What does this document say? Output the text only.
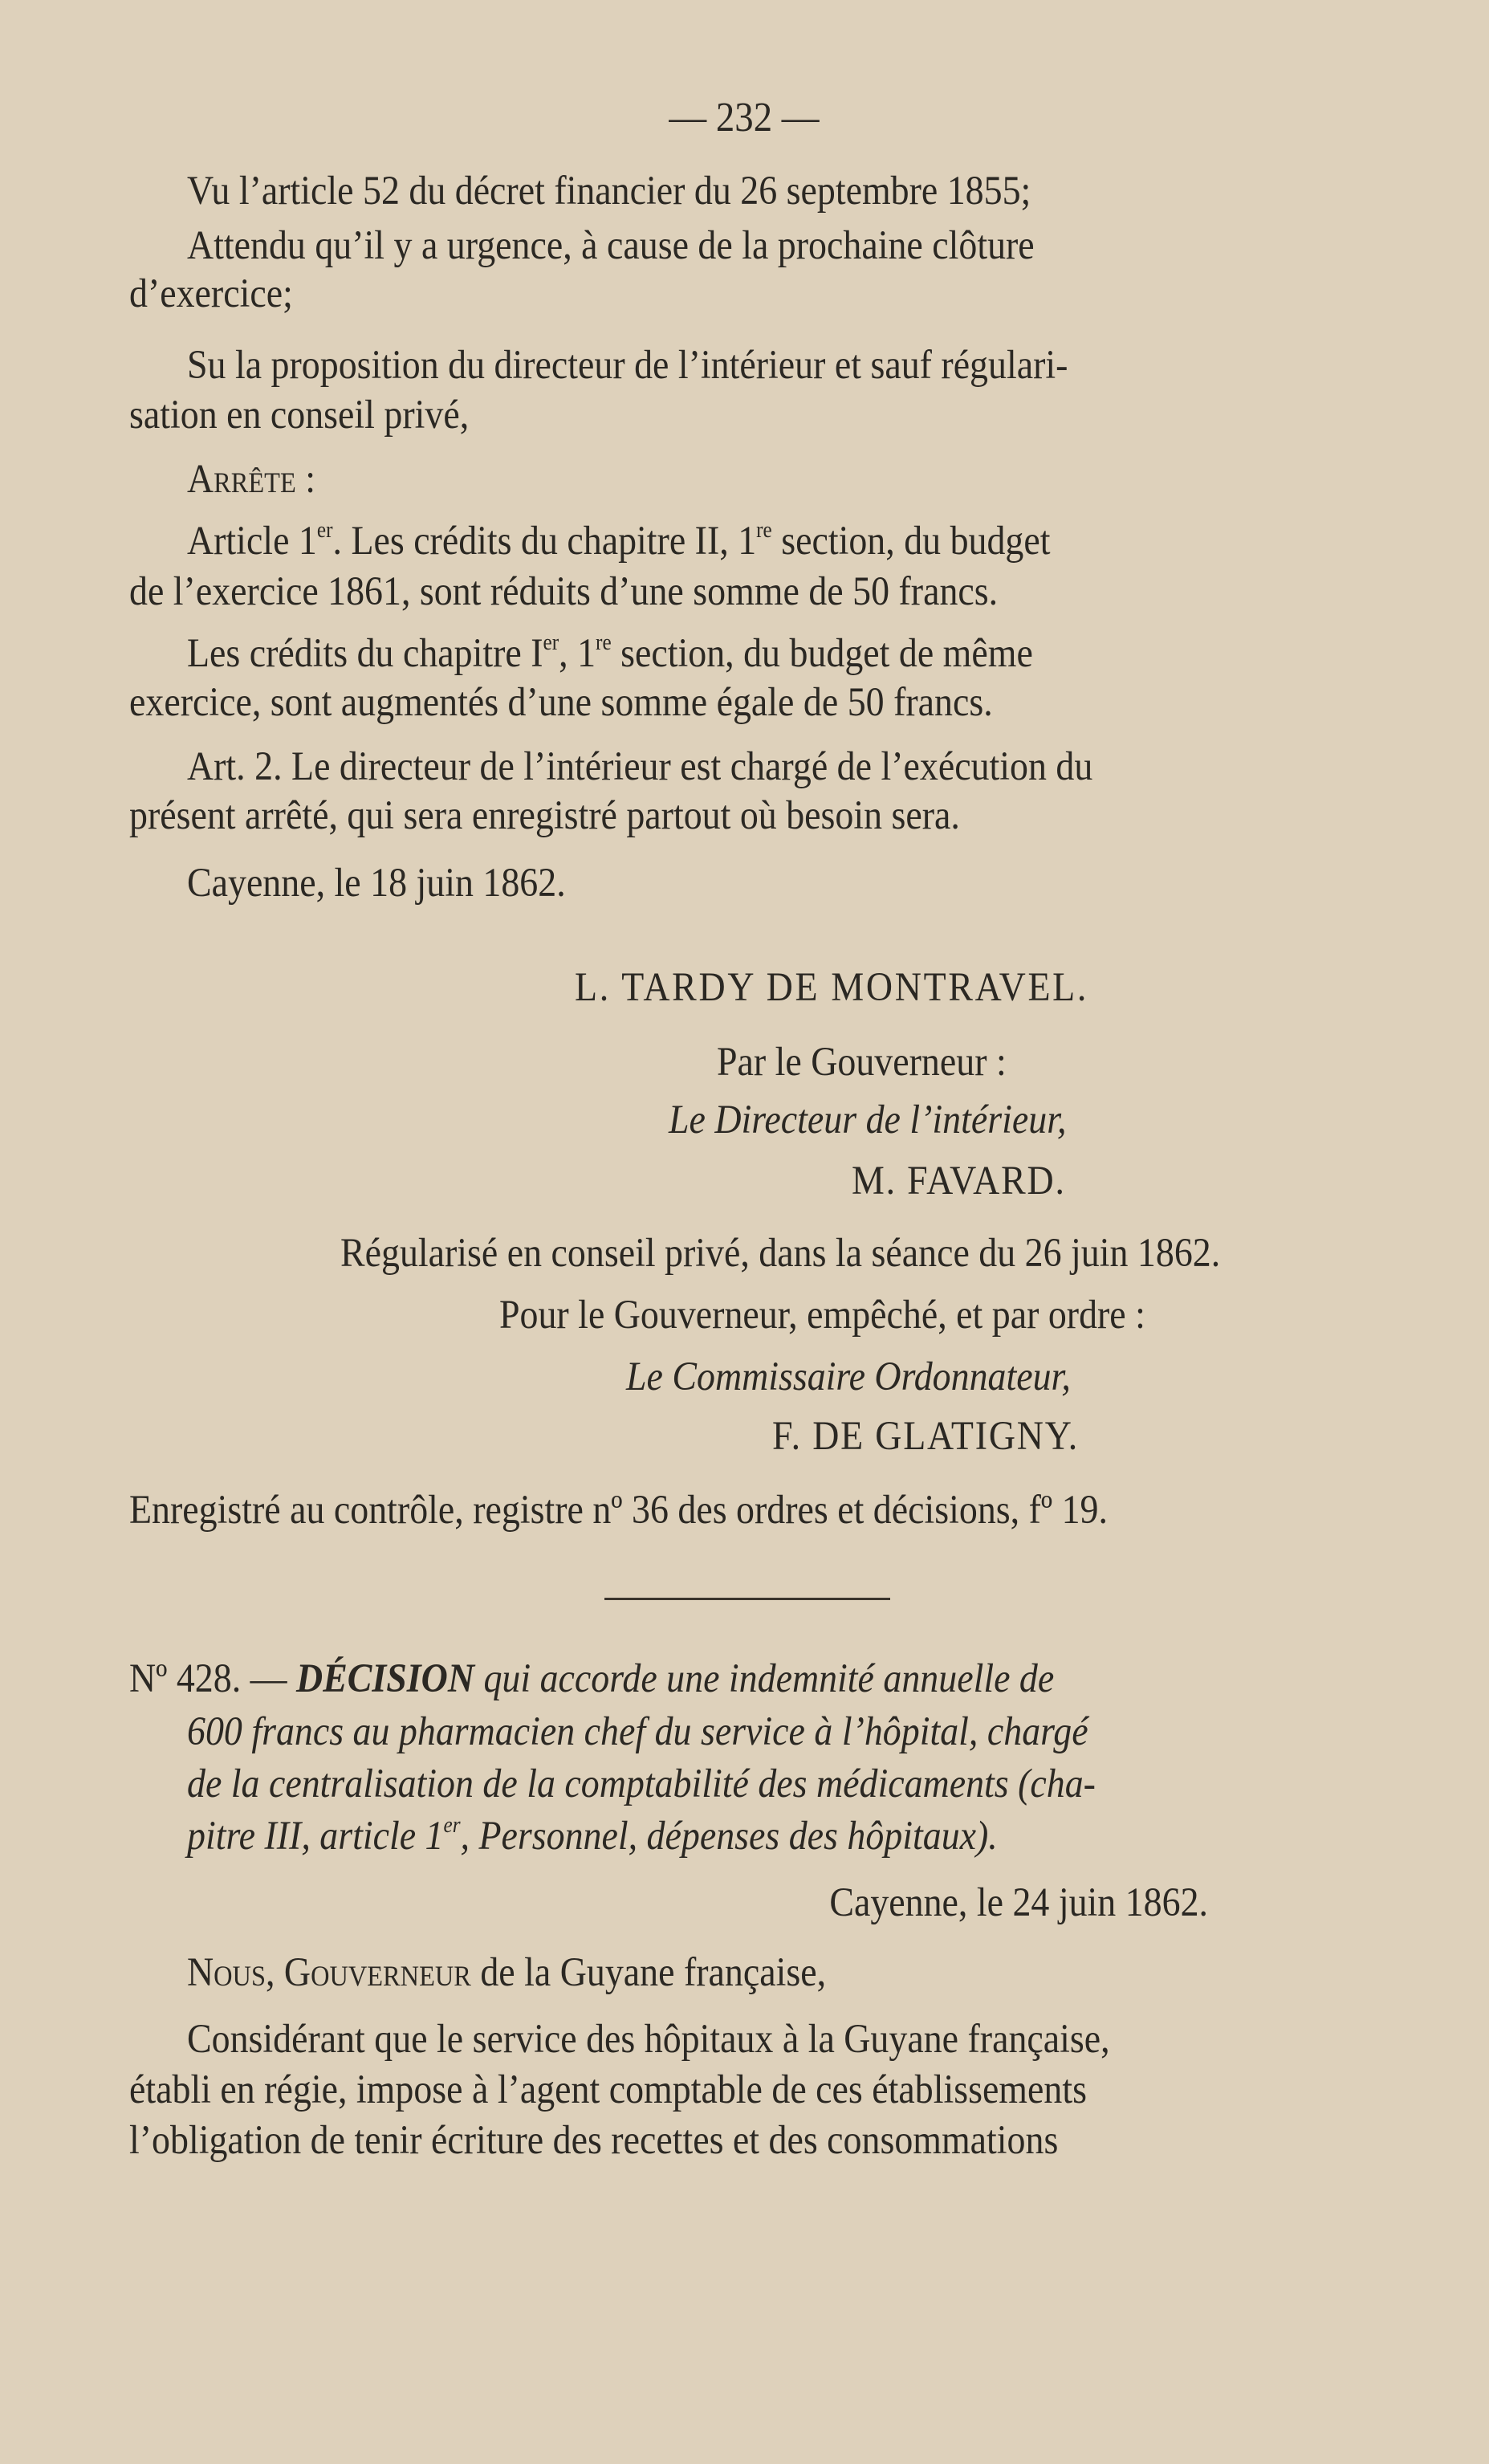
— 232 —
Vu l’article 52 du décret financier du 26 septembre 1855;
Attendu qu’il y a urgence, à cause de la prochaine clôture
d’exercice;
Su la proposition du directeur de l’intérieur et sauf régulari-
sation en conseil privé,
Arrête :
Article 1er. Les crédits du chapitre II, 1re section, du budget
de l’exercice 1861, sont réduits d’une somme de 50 francs.
Les crédits du chapitre Ier, 1re section, du budget de même
exercice, sont augmentés d’une somme égale de 50 francs.
Art. 2. Le directeur de l’intérieur est chargé de l’exécution du
présent arrêté, qui sera enregistré partout où besoin sera.
Cayenne, le 18 juin 1862.
L. TARDY DE MONTRAVEL.
Par le Gouverneur :
Le Directeur de l’intérieur,
M. FAVARD.
Régularisé en conseil privé, dans la séance du 26 juin 1862.
Pour le Gouverneur, empêché, et par ordre :
Le Commissaire Ordonnateur,
F. DE GLATIGNY.
Enregistré au contrôle, registre nº 36 des ordres et décisions, fº 19.
Nº 428. — DÉCISION qui accorde une indemnité annuelle de
600 francs au pharmacien chef du service à l’hôpital, chargé
de la centralisation de la comptabilité des médicaments (cha-
pitre III, article 1er, Personnel, dépenses des hôpitaux).
Cayenne, le 24 juin 1862.
Nous, Gouverneur de la Guyane française,
Considérant que le service des hôpitaux à la Guyane française,
établi en régie, impose à l’agent comptable de ces établissements
l’obligation de tenir écriture des recettes et des consommations
